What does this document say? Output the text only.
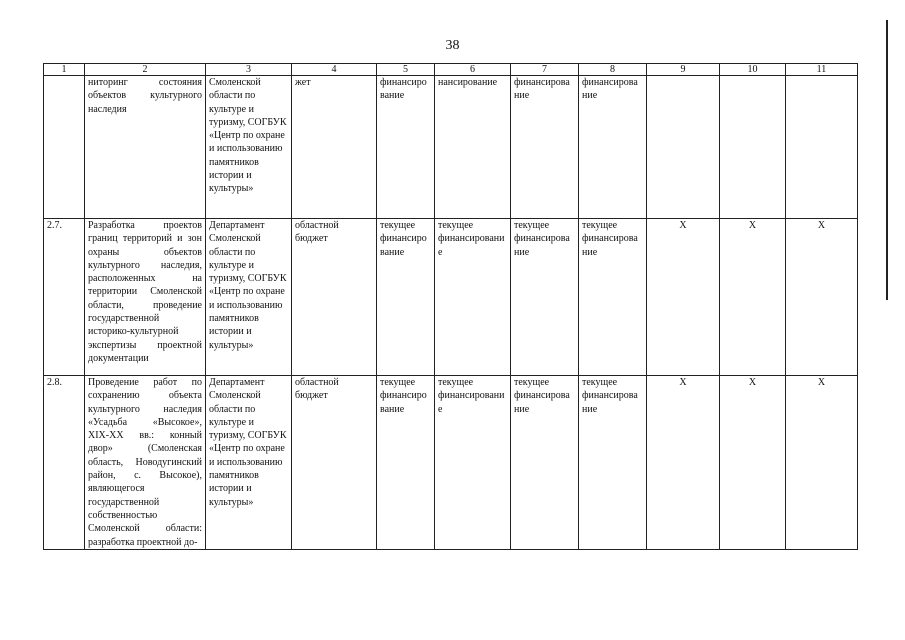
38
1	2	3	4	5	6	7	8	9	10	11
	ниторинг состояния объектов культурного наследия	Смоленской области по культуре и туризму, СОГБУК «Центр по охране и использованию памятников истории и культуры»	жет	финансирование	нансирование	финансирование	финансирование			
2.7.	Разработка проектов границ территорий и зон охраны объектов культурного наследия, расположенных на территории Смоленской области, проведение государственной историко-культурной экспертизы проектной документации	Департамент Смоленской области по культуре и туризму, СОГБУК «Центр по охране и использованию памятников истории и культуры»	областной бюджет	текущее финансирование	текущее финансирование	текущее финансирование	текущее финансирование	Х	Х	Х
2.8.	Проведение работ по сохранению объекта культурного наследия «Усадьба «Высокое», XIX-XX вв.: конный двор» (Смоленская область, Новодугинский район, с. Высокое), являющегося государственной собственностью Смоленской области: разработка проектной до-	Департамент Смоленской области по культуре и туризму, СОГБУК «Центр по охране и использованию памятников истории и культуры»	областной бюджет	текущее финансирование	текущее финансирование	текущее финансирование	текущее финансирование	Х	Х	Х
